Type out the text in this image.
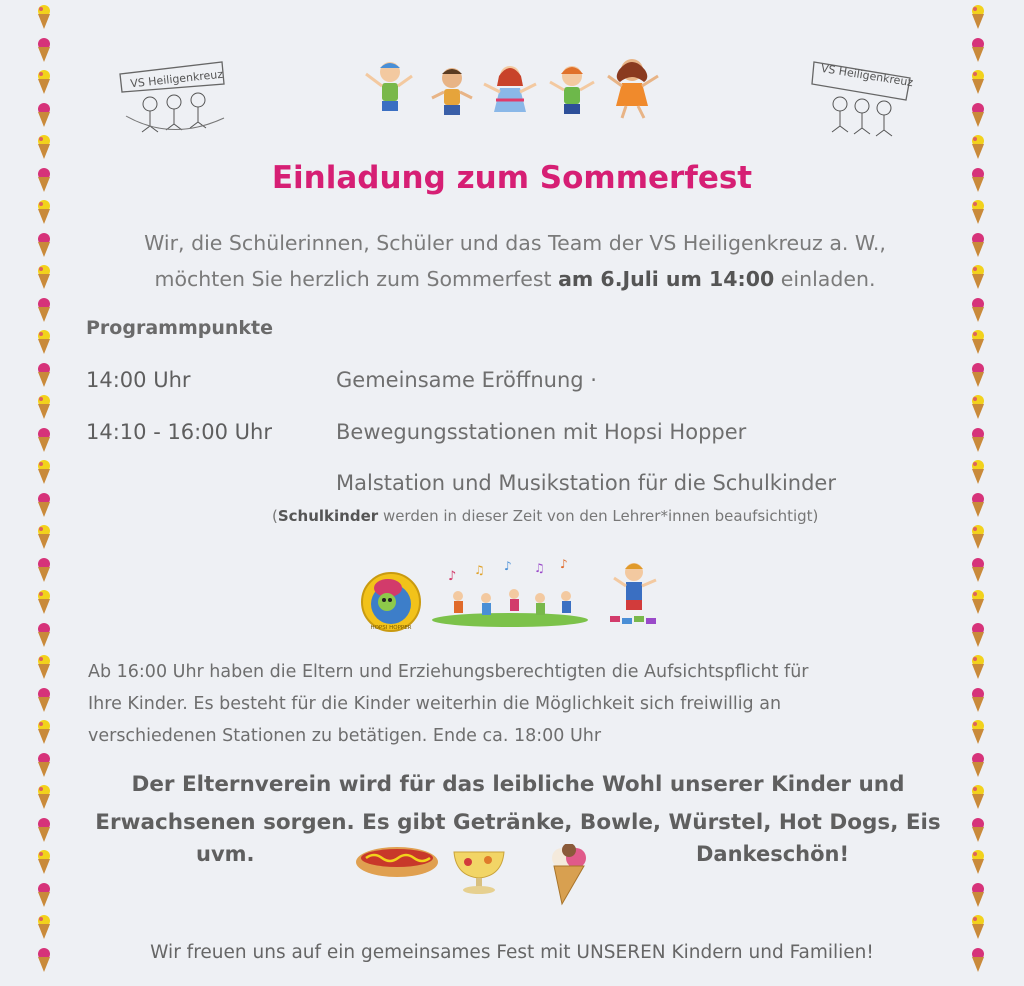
VS Heiligenkreuz	VS Heiligenkreuz
Einladung zum Sommerfest

Wir, die Schülerinnen, Schüler und das Team der VS Heiligenkreuz a. W.,
möchten Sie herzlich zum Sommerfest am 6.Juli um 14:00 einladen.

Programmpunkte
14:00 Uhr	Gemeinsame Eröffnung ·
14:10 - 16:00 Uhr	Bewegungsstationen mit Hopsi Hopper
Malstation und Musikstation für die Schulkinder
(Schulkinder werden in dieser Zeit von den Lehrer*innen beaufsichtigt)
HOPSI HOPPER
♪ ♫ ♪ ♫ ♪

Ab 16:00 Uhr haben die Eltern und Erziehungsberechtigten die Aufsichtspflicht für
Ihre Kinder. Es besteht für die Kinder weiterhin die Möglichkeit sich freiwillig an
verschiedenen Stationen zu betätigen. Ende ca. 18:00 Uhr

Der Elternverein wird für das leibliche Wohl unserer Kinder und
Erwachsenen sorgen. Es gibt Getränke, Bowle, Würstel, Hot Dogs, Eis

uvm.	Dankeschön!
Wir freuen uns auf ein gemeinsames Fest mit UNSEREN Kindern und Familien!
